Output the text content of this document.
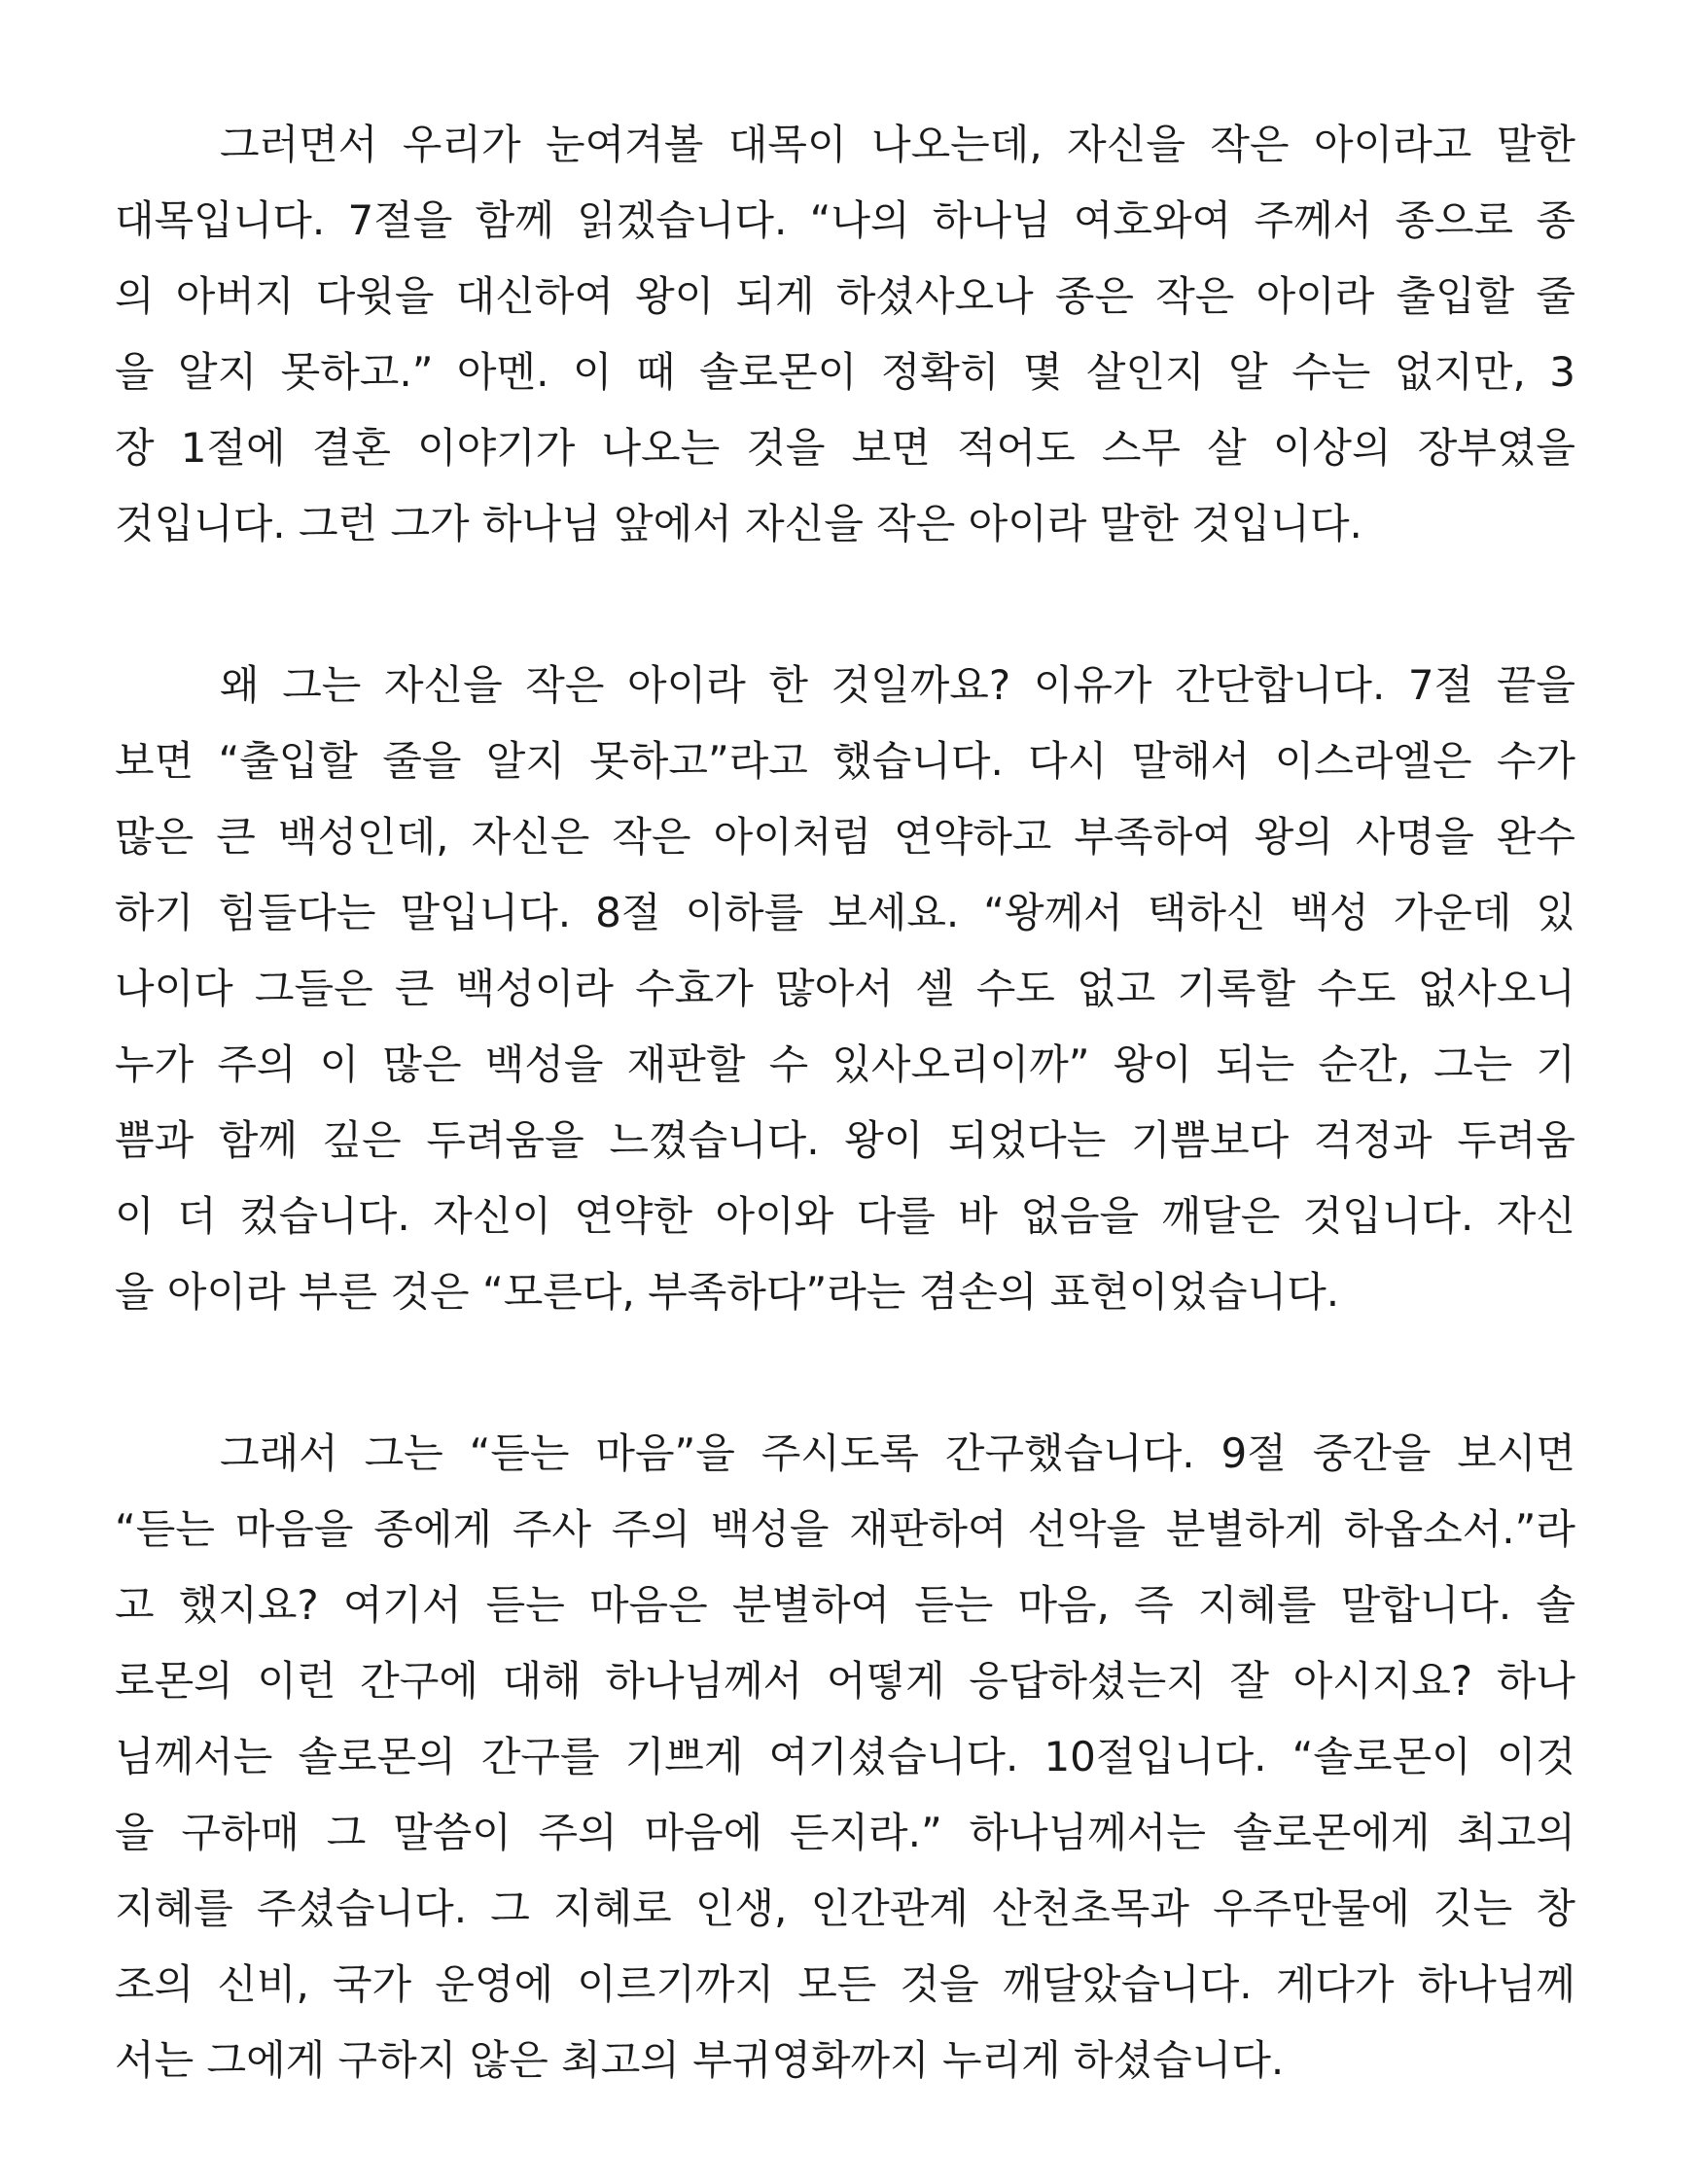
그러면서 우리가 눈여겨볼 대목이 나오는데, 자신을 작은 아이라고 말한
대목입니다. 7절을 함께 읽겠습니다. “나의 하나님 여호와여 주께서 종으로 종
의 아버지 다윗을 대신하여 왕이 되게 하셨사오나 종은 작은 아이라 출입할 줄
을 알지 못하고.” 아멘. 이 때 솔로몬이 정확히 몇 살인지 알 수는 없지만, 3
장 1절에 결혼 이야기가 나오는 것을 보면 적어도 스무 살 이상의 장부였을
것입니다. 그런 그가 하나님 앞에서 자신을 작은 아이라 말한 것입니다.
왜 그는 자신을 작은 아이라 한 것일까요? 이유가 간단합니다. 7절 끝을
보면 “출입할 줄을 알지 못하고”라고 했습니다. 다시 말해서 이스라엘은 수가
많은 큰 백성인데, 자신은 작은 아이처럼 연약하고 부족하여 왕의 사명을 완수
하기 힘들다는 말입니다. 8절 이하를 보세요. “왕께서 택하신 백성 가운데 있
나이다 그들은 큰 백성이라 수효가 많아서 셀 수도 없고 기록할 수도 없사오니
누가 주의 이 많은 백성을 재판할 수 있사오리이까” 왕이 되는 순간, 그는 기
쁨과 함께 깊은 두려움을 느꼈습니다. 왕이 되었다는 기쁨보다 걱정과 두려움
이 더 컸습니다. 자신이 연약한 아이와 다를 바 없음을 깨달은 것입니다. 자신
을 아이라 부른 것은 “모른다, 부족하다”라는 겸손의 표현이었습니다.
그래서 그는 “듣는 마음”을 주시도록 간구했습니다. 9절 중간을 보시면
“듣는 마음을 종에게 주사 주의 백성을 재판하여 선악을 분별하게 하옵소서.”라
고 했지요? 여기서 듣는 마음은 분별하여 듣는 마음, 즉 지혜를 말합니다. 솔
로몬의 이런 간구에 대해 하나님께서 어떻게 응답하셨는지 잘 아시지요? 하나
님께서는 솔로몬의 간구를 기쁘게 여기셨습니다. 10절입니다. “솔로몬이 이것
을 구하매 그 말씀이 주의 마음에 든지라.” 하나님께서는 솔로몬에게 최고의
지혜를 주셨습니다. 그 지혜로 인생, 인간관계 산천초목과 우주만물에 깃는 창
조의 신비, 국가 운영에 이르기까지 모든 것을 깨달았습니다. 게다가 하나님께
서는 그에게 구하지 않은 최고의 부귀영화까지 누리게 하셨습니다.
